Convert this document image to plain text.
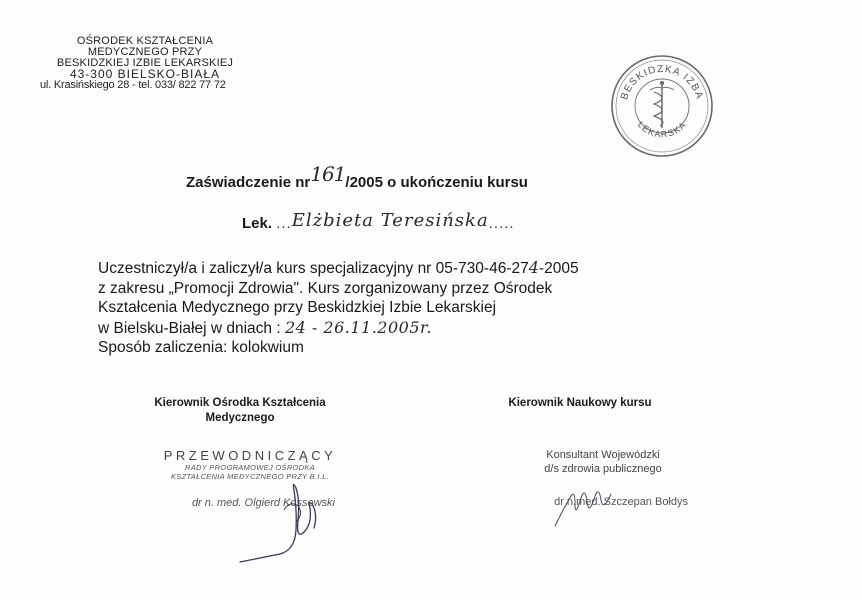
OŚRODEK KSZTAŁCENIA
MEDYCZNEGO PRZY
BESKIDZKIEJ IZBIE LEKARSKIEJ
43-300 BIELSKO-BIAŁA
ul. Krasińskiego 28 - tel. 033/ 822 77 72
BESKIDZKA IZBA
LEKARSKA
Zaświadczenie nr161/2005 o ukończeniu kursu
Lek. ...Elżbieta Teresińska.....

Uczestniczył/a i zaliczył/a kurs specjalizacyjny nr 05-730-46-274-2005

z zakresu „Promocji Zdrowia". Kurs zorganizowany przez Ośrodek

Kształcenia Medycznego przy Beskidzkiej Izbie Lekarskiej

w Bielsku-Białej w dniach : 24 - 26.11.2005r.

Sposób zaliczenia: kolokwium

Kierownik Ośrodka Kształcenia
Medycznego
Kierownik Naukowy kursu
PRZEWODNICZĄCY
RADY PROGRAMOWEJ OŚRODKA
KSZTAŁCENIA MEDYCZNEGO PRZY B.I.L.
dr n. med. Olgierd Kossowski
Konsultant Wojewódzki
d/s zdrowia publicznego
dr n.med. Szczepan Bołdys
